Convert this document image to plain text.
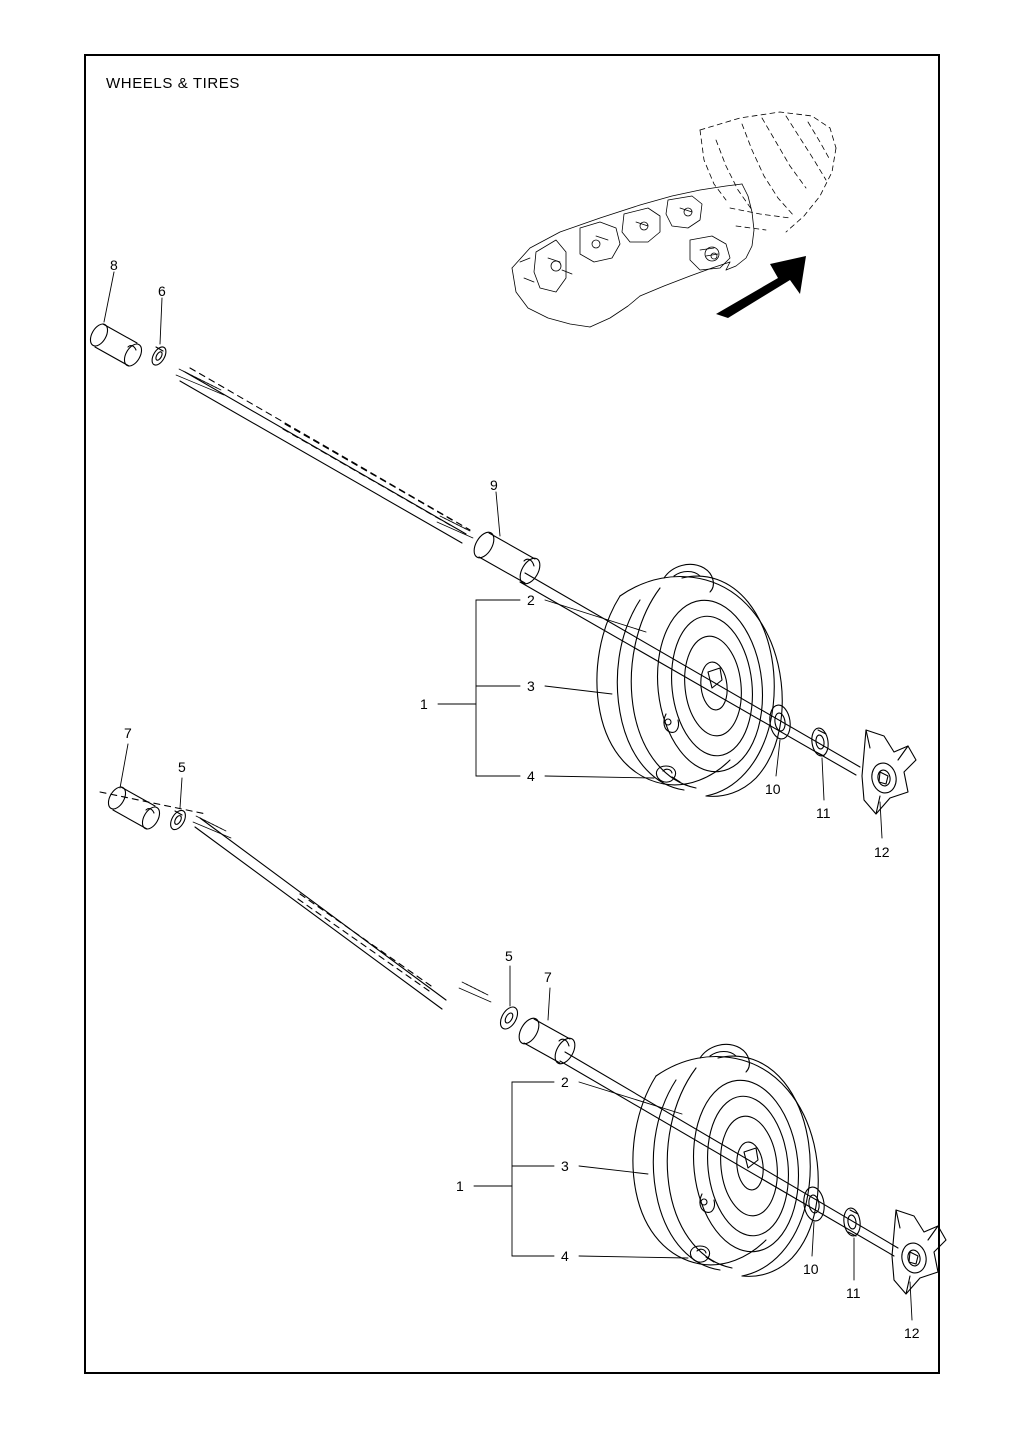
WHEELS & TIRES
8
6
9
2
3
1
4
10
11
12
7
5
5
7
2
3
1
4
10
11
12
